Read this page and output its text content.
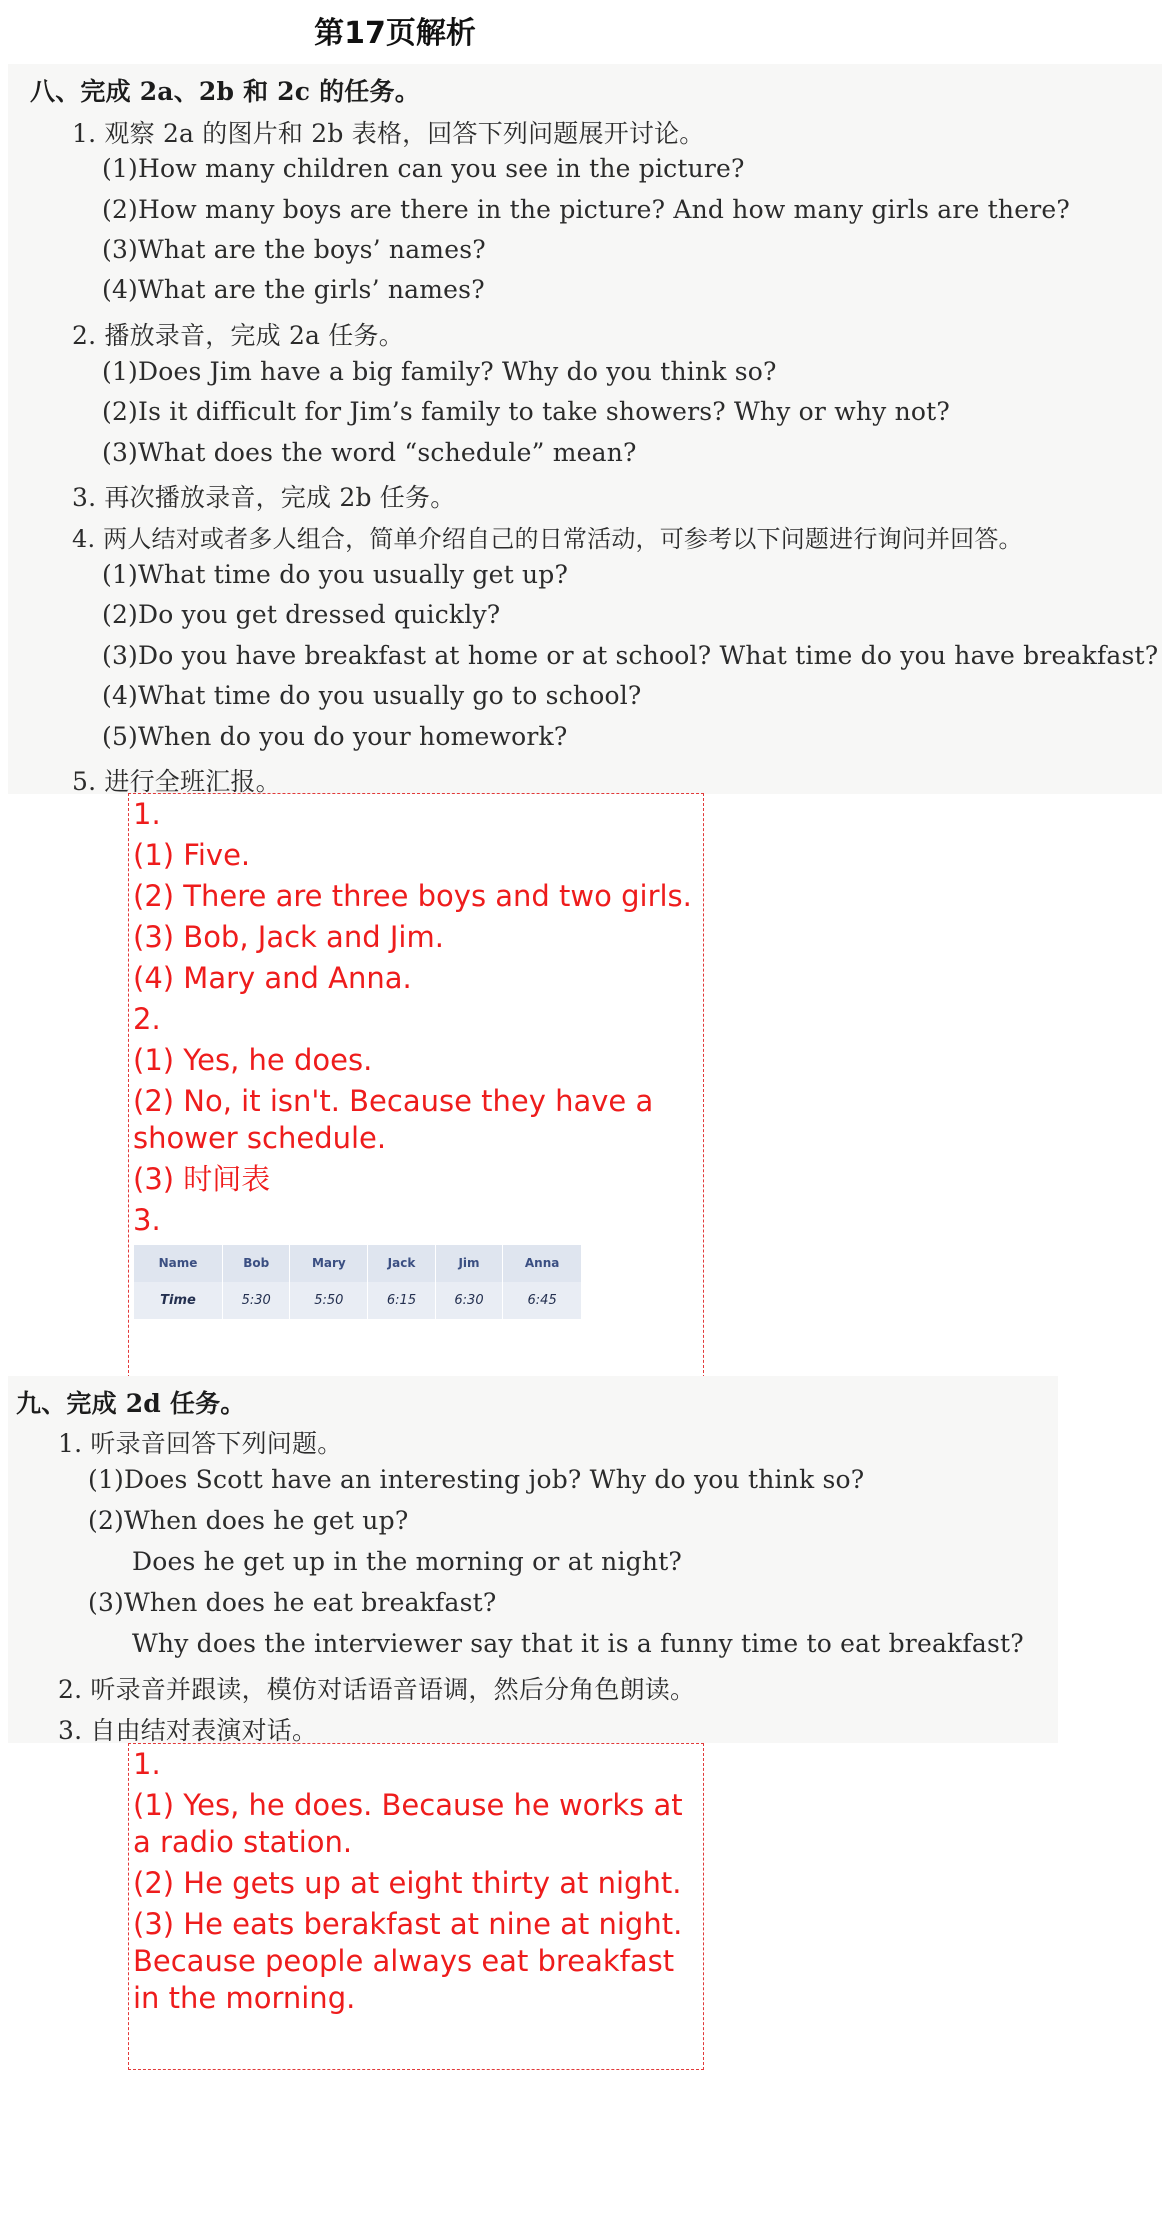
第17页解析
八、完成 2a、2b 和 2c 的任务。
1. 观察 2a 的图片和 2b 表格，回答下列问题展开讨论。
(1)How many children can you see in the picture?
(2)How many boys are there in the picture? And how many girls are there?
(3)What are the boys’ names?
(4)What are the girls’ names?
2. 播放录音，完成 2a 任务。
(1)Does Jim have a big family? Why do you think so?
(2)Is it difficult for Jim’s family to take showers? Why or why not?
(3)What does the word “schedule” mean?
3. 再次播放录音，完成 2b 任务。
4. 两人结对或者多人组合，简单介绍自己的日常活动，可参考以下问题进行询问并回答。
(1)What time do you usually get up?
(2)Do you get dressed quickly?
(3)Do you have breakfast at home or at school? What time do you have breakfast?
(4)What time do you usually go to school?
(5)When do you do your homework?
5. 进行全班汇报。
1.
(1) Five.
(2) There are three boys and two girls.
(3) Bob, Jack and Jim.
(4) Mary and Anna.
2.
(1) Yes, he does.
(2) No, it isn't. Because they have a shower schedule.
(3) 时间表
3.
Name	Bob	Mary	Jack	Jim	Anna
Time	5:30	5:50	6:15	6:30	6:45
九、完成 2d 任务。
1. 听录音回答下列问题。
(1)Does Scott have an interesting job? Why do you think so?
(2)When does he get up?
Does he get up in the morning or at night?
(3)When does he eat breakfast?
Why does the interviewer say that it is a funny time to eat breakfast?
2. 听录音并跟读，模仿对话语音语调，然后分角色朗读。
3. 自由结对表演对话。
1.
(1) Yes, he does. Because he works at a radio station.
(2) He gets up at eight thirty at night.
(3) He eats berakfast at nine at night. Because people always eat breakfast in the morning.
